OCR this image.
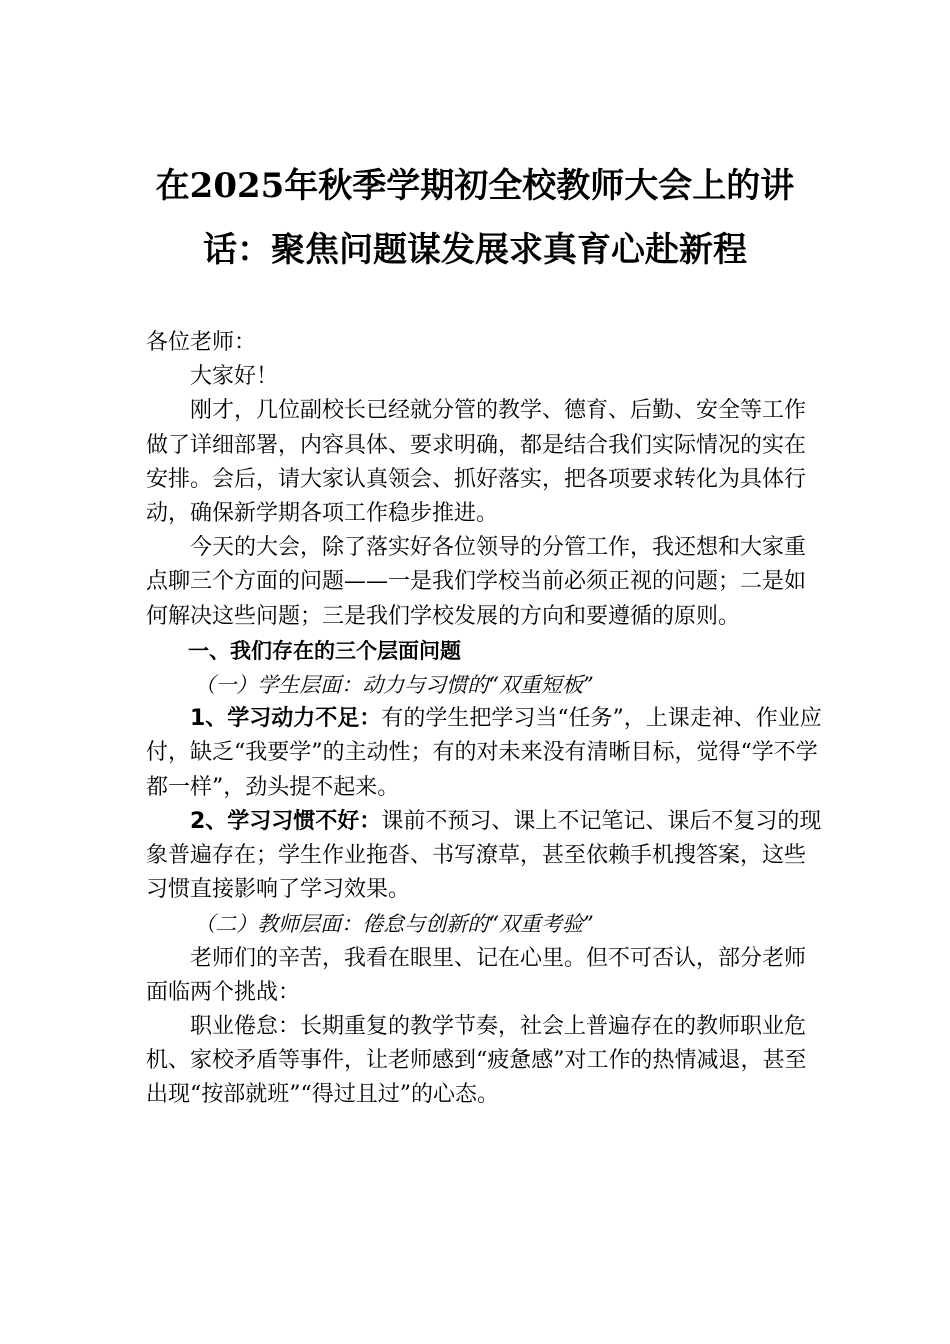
在2025年秋季学期初全校教师大会上的讲
话：聚焦问题谋发展求真育心赴新程

各位老师：

大家好！

刚才，几位副校长已经就分管的教学、德育、后勤、安全等工作做了详细部署，内容具体、要求明确，都是结合我们实际情况的实在安排。会后，请大家认真领会、抓好落实，把各项要求转化为具体行动，确保新学期各项工作稳步推进。

今天的大会，除了落实好各位领导的分管工作，我还想和大家重点聊三个方面的问题——一是我们学校当前必须正视的问题；二是如何解决这些问题；三是我们学校发展的方向和要遵循的原则。

一、我们存在的三个层面问题

（一）学生层面：动力与习惯的“双重短板”

1、学习动力不足：有的学生把学习当“任务”，上课走神、作业应付，缺乏“我要学”的主动性；有的对未来没有清晰目标，觉得“学不学都一样”，劲头提不起来。

2、学习习惯不好：课前不预习、课上不记笔记、课后不复习的现象普遍存在；学生作业拖沓、书写潦草，甚至依赖手机搜答案，这些习惯直接影响了学习效果。

（二）教师层面：倦怠与创新的“双重考验”

老师们的辛苦，我看在眼里、记在心里。但不可否认，部分老师面临两个挑战：

职业倦怠：长期重复的教学节奏，社会上普遍存在的教师职业危机、家校矛盾等事件，让老师感到“疲惫感”对工作的热情减退，甚至出现“按部就班”“得过且过”的心态。
